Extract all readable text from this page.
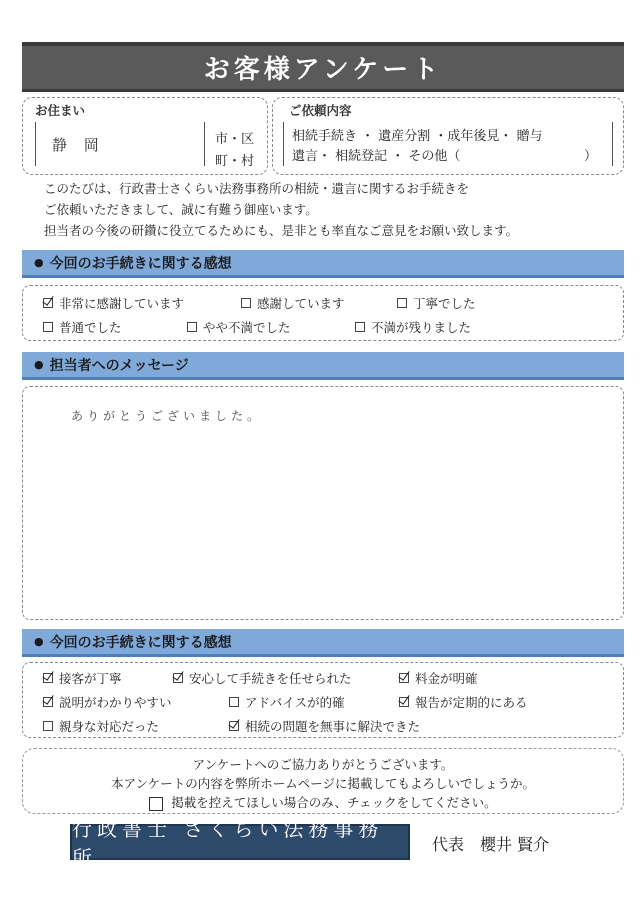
お客様アンケート
お住まい
静 岡	市・区
町・村
ご依頼内容
相続手続き ・ 遺産分割 ・成年後見・ 贈与
遺言・ 相続登記 ・ その他（	）
このたびは、行政書士さくらい法務事務所の相続・遺言に関するお手続きを
ご依頼いただきまして、誠に有難う御座います。
担当者の今後の研鑽に役立てるためにも、是非とも率直なご意見をお願い致します。
● 今回のお手続きに関する感想
非常に感謝しています	感謝しています	丁寧でした
普通でした	やや不満でした	不満が残りました
● 担当者へのメッセージ
ありがとうございました。
● 今回のお手続きに関する感想
接客が丁寧	安心して手続きを任せられた	料金が明確
説明がわかりやすい	アドバイスが的確	報告が定期的にある
親身な対応だった	相続の問題を無事に解決できた
アンケートへのご協力ありがとうございます。
本アンケートの内容を弊所ホームページに掲載してもよろしいでしょうか。
掲載を控えてほしい場合のみ、チェックをしてください。
行政書士 さくらい法務事務所
代表　櫻井 賢介
